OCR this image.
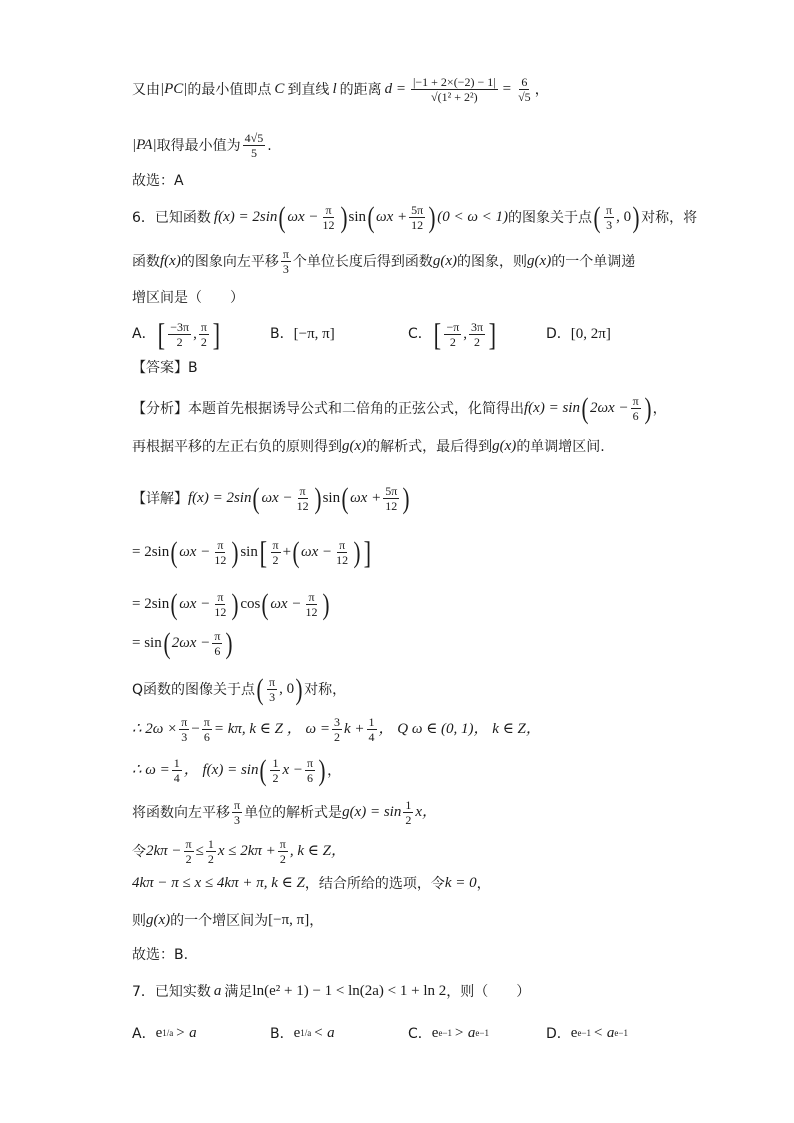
又由 |PC| 的最小值即点 C 到直线 l 的距离 $d = \frac{|-1 + 2\times(-2) - 1|}{\text{√(1² + 2²)}} = \frac{6}{√5}$ ，
|PA| 取得最小值为 $\frac{4√5}{5}$ .
故选：A
6．已知函数 f(x) = 2sin ( $\omega x - \frac{\pi}{12}$ ) sin ( $\omega x + \frac{5\pi}{12}$ ) (0 < ω < 1) 的图象关于点 ( $\frac{\pi}{3}$ , 0 ) 对称，将
函数 f(x) 的图象向左平移 $\frac{\pi}{3}$ 个单位长度后得到函数 g(x) 的图象，则 g(x) 的一个单调递
增区间是（　　）
A． [ $\frac{-3\pi}{2}$ , $\frac{\pi}{2}$ ]	B． [−π, π]	C． [ $\frac{-\pi}{2}$ , $\frac{3\pi}{2}$ ]	D． [0, 2π]
【答案】B
【分析】 本题首先根据诱导公式和二倍角的正弦公式，化简得出 f(x) = sin ( $2\omega x - \frac{\pi}{6}$ ) ，
再根据平移的左正右负的原则得到 g(x) 的解析式，最后得到 g(x) 的单调增区间.
【详解】 f(x) = 2sin ( $\omega x - \frac{\pi}{12}$ ) sin ( $\omega x + \frac{5\pi}{12}$ )
= 2sin ( $\omega x - \frac{\pi}{12}$ ) sin [ $\frac{\pi}{2}$ + ( $\omega x - \frac{\pi}{12}$ ) ]
= 2sin ( $\omega x - \frac{\pi}{12}$ ) cos ( $\omega x - \frac{\pi}{12}$ )
= sin ( $2\omega x - \frac{\pi}{6}$ )
Q函数的图像关于点 ( $\frac{\pi}{3}$ , 0 ) 对称，
∴ $2\omega \times \frac{\pi}{3} - \frac{\pi}{6} = k\pi$, k ∈ Z ， $\omega = \frac{3}{2}$ $k + \frac{1}{4}$ ， Q ω ∈ (0, 1)， k ∈ Z，
∴ $\omega = \frac{1}{4}$ ， f(x) = sin ( $\frac{1}{2}$ $x - \frac{\pi}{6}$ ) ，
将函数向左平移 $\frac{\pi}{3}$ 单位的解析式是 $g(x) = \sin \frac{1}{2}$ x，
令 $2k\pi - \frac{\pi}{2} \le \frac{1}{2}$ $x \le 2k\pi + \frac{\pi}{2}$ , k ∈ Z，
4kπ − π ≤ x ≤ 4kπ + π, k ∈ Z ，结合所给的选项，令 k = 0 ，
则 g(x) 的一个增区间为 [−π, π] ，
故选：B.
7．已知实数 a 满足 ln(e² + 1) − 1 < ln(2a) < 1 + ln 2 ，则（　　）
A． e 1/a > a	B． e 1/a < a	C． e e−1 > a e−1	D． e e−1 < a e−1
